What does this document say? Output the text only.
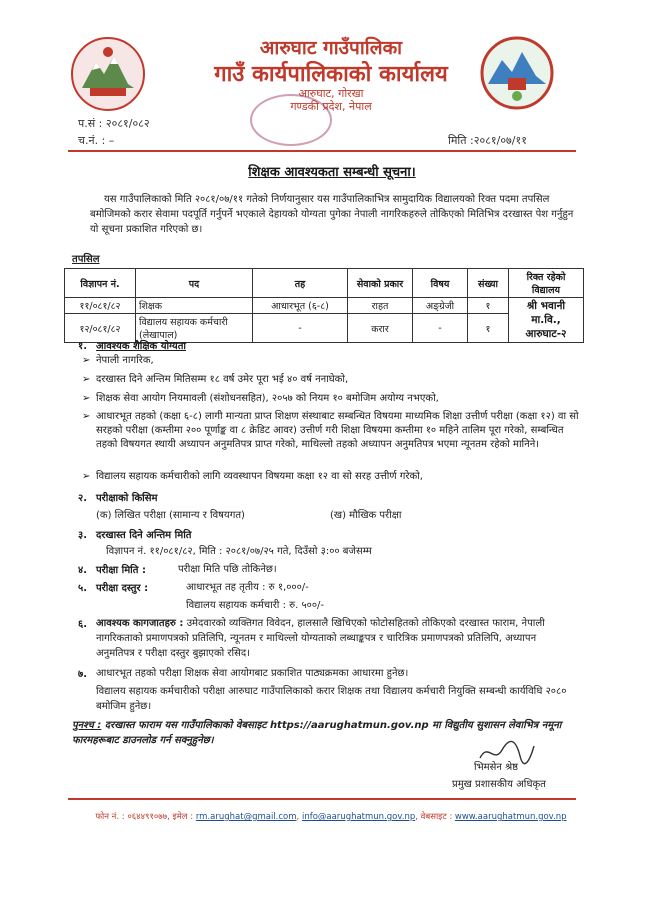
आरुघाट गाउँपालिका
गाउँ कार्यपालिकाको कार्यालय
आरुघाट, गोरखा
गण्डकी प्रदेश, नेपाल
प.सं : २०८१/०८२
च.नं. : –	मिति :२०८१/०७/११
शिक्षक आवश्यकता सम्बन्धी सूचना।
यस गाउँपालिकाको मिति २०८१/०७/११ गतेको निर्णयानुसार यस गाउँपालिकाभित्र सामुदायिक विद्यालयको रिक्त पदमा तपसिल बमोजिमको करार सेवामा पदपूर्ति गर्नुपर्ने भएकाले देहायको योग्यता पुगेका नेपाली नागरिकहरुले तोकिएको मितिभित्र दरखास्त पेश गर्नुहुन यो सूचना प्रकाशित गरिएको छ।
तपसिल
विज्ञापन नं.	पद	तह	सेवाको प्रकार	विषय	संख्या	रिक्त रहेको विद्यालय
११/०८१/८२	शिक्षक	आधारभूत (६-८)	राहत	अङ्ग्रेजी	१	श्री भवानी मा.वि., आरुघाट-२
१२/०८१/८२	विद्यालय सहायक कर्मचारी (लेखापाल)	-	करार	-	१	
१. आवश्यक शैक्षिक योग्यता
➢ नेपाली नागरिक,
➢ दरखास्त दिने अन्तिम मितिसम्म १८ वर्ष उमेर पूरा भई ४० वर्ष ननाघेको,
➢ शिक्षक सेवा आयोग नियमावली (संशोधनसहित), २०५७ को नियम १० बमोजिम अयोग्य नभएको,
➢ आधारभूत तहको (कक्षा ६-८) लागी मान्यता प्राप्त शिक्षण संस्थाबाट सम्बन्धित विषयमा माध्यमिक शिक्षा उत्तीर्ण परीक्षा (कक्षा १२) वा सो सरहको परीक्षा (कम्तीमा २०० पूर्णाङ्क वा ८ क्रेडिट आवर) उत्तीर्ण गरी शिक्षा विषयमा कम्तीमा १० महिने तालिम पूरा गरेको, सम्बन्धित तहको विषयगत स्थायी अध्यापन अनुमतिपत्र प्राप्त गरेको, माथिल्लो तहको अध्यापन अनुमतिपत्र भएमा न्यूनतम रहेको मानिने।
➢ विद्यालय सहायक कर्मचारीको लागि व्यवस्थापन विषयमा कक्षा १२ वा सो सरह उत्तीर्ण गरेको,
२. परीक्षाको किसिम
(क) लिखित परीक्षा (सामान्य र विषयगत)	(ख) मौखिक परीक्षा
३. दरखास्त दिने अन्तिम मिति
विज्ञापन नं. ११/०८१/८२, मिति : २०८१/०७/२५ गते, दिउँसो ३:०० बजेसम्म
४. परीक्षा मिति :	परीक्षा मिति पछि तोकिनेछ।
५. परीक्षा दस्तुर :	आधारभूत तह तृतीय : रु १,०००/-
विद्यालय सहायक कर्मचारी : रु. ५००/-
६. आवश्यक कागजातहरु : उमेदवारको व्यक्तिगत विवेदन, हालसालै खिचिएको फोटोसहितको तोकिएको दरखास्त फाराम, नेपाली नागरिकताको प्रमाणपत्रको प्रतिलिपि, न्यूनतम र माथिल्लो योग्यताको लब्धाङ्कपत्र र चारित्रिक प्रमाणपत्रको प्रतिलिपि, अध्यापन अनुमतिपत्र र परीक्षा दस्तुर बुझाएको रसिद।
७. आधारभूत तहको परीक्षा शिक्षक सेवा आयोगबाट प्रकाशित पाठ्यक्रमका आधारमा हुनेछ।
विद्यालय सहायक कर्मचारीको परीक्षा आरुघाट गाउँपालिकाको करार शिक्षक तथा विद्यालय कर्मचारी नियुक्ति सम्बन्धी कार्यविधि २०८० बमोजिम हुनेछ।
पुनश्च : दरखास्त फाराम यस गाउँपालिकाको वेबसाइट https://aarughatmun.gov.np मा विद्युतीय सुशासन लेवाभित्र नमूना फारमहरूबाट डाउनलोड गर्न सक्नुहुनेछ।
भिमसेन श्रेष्ठ
प्रमुख प्रशासकीय अधिकृत
फोन नं. : ०६४४९१०७७, इमेल : rm.arughat@gmail.com, info@aarughatmun.gov.np, वेबसाइट : www.aarughatmun.gov.np
